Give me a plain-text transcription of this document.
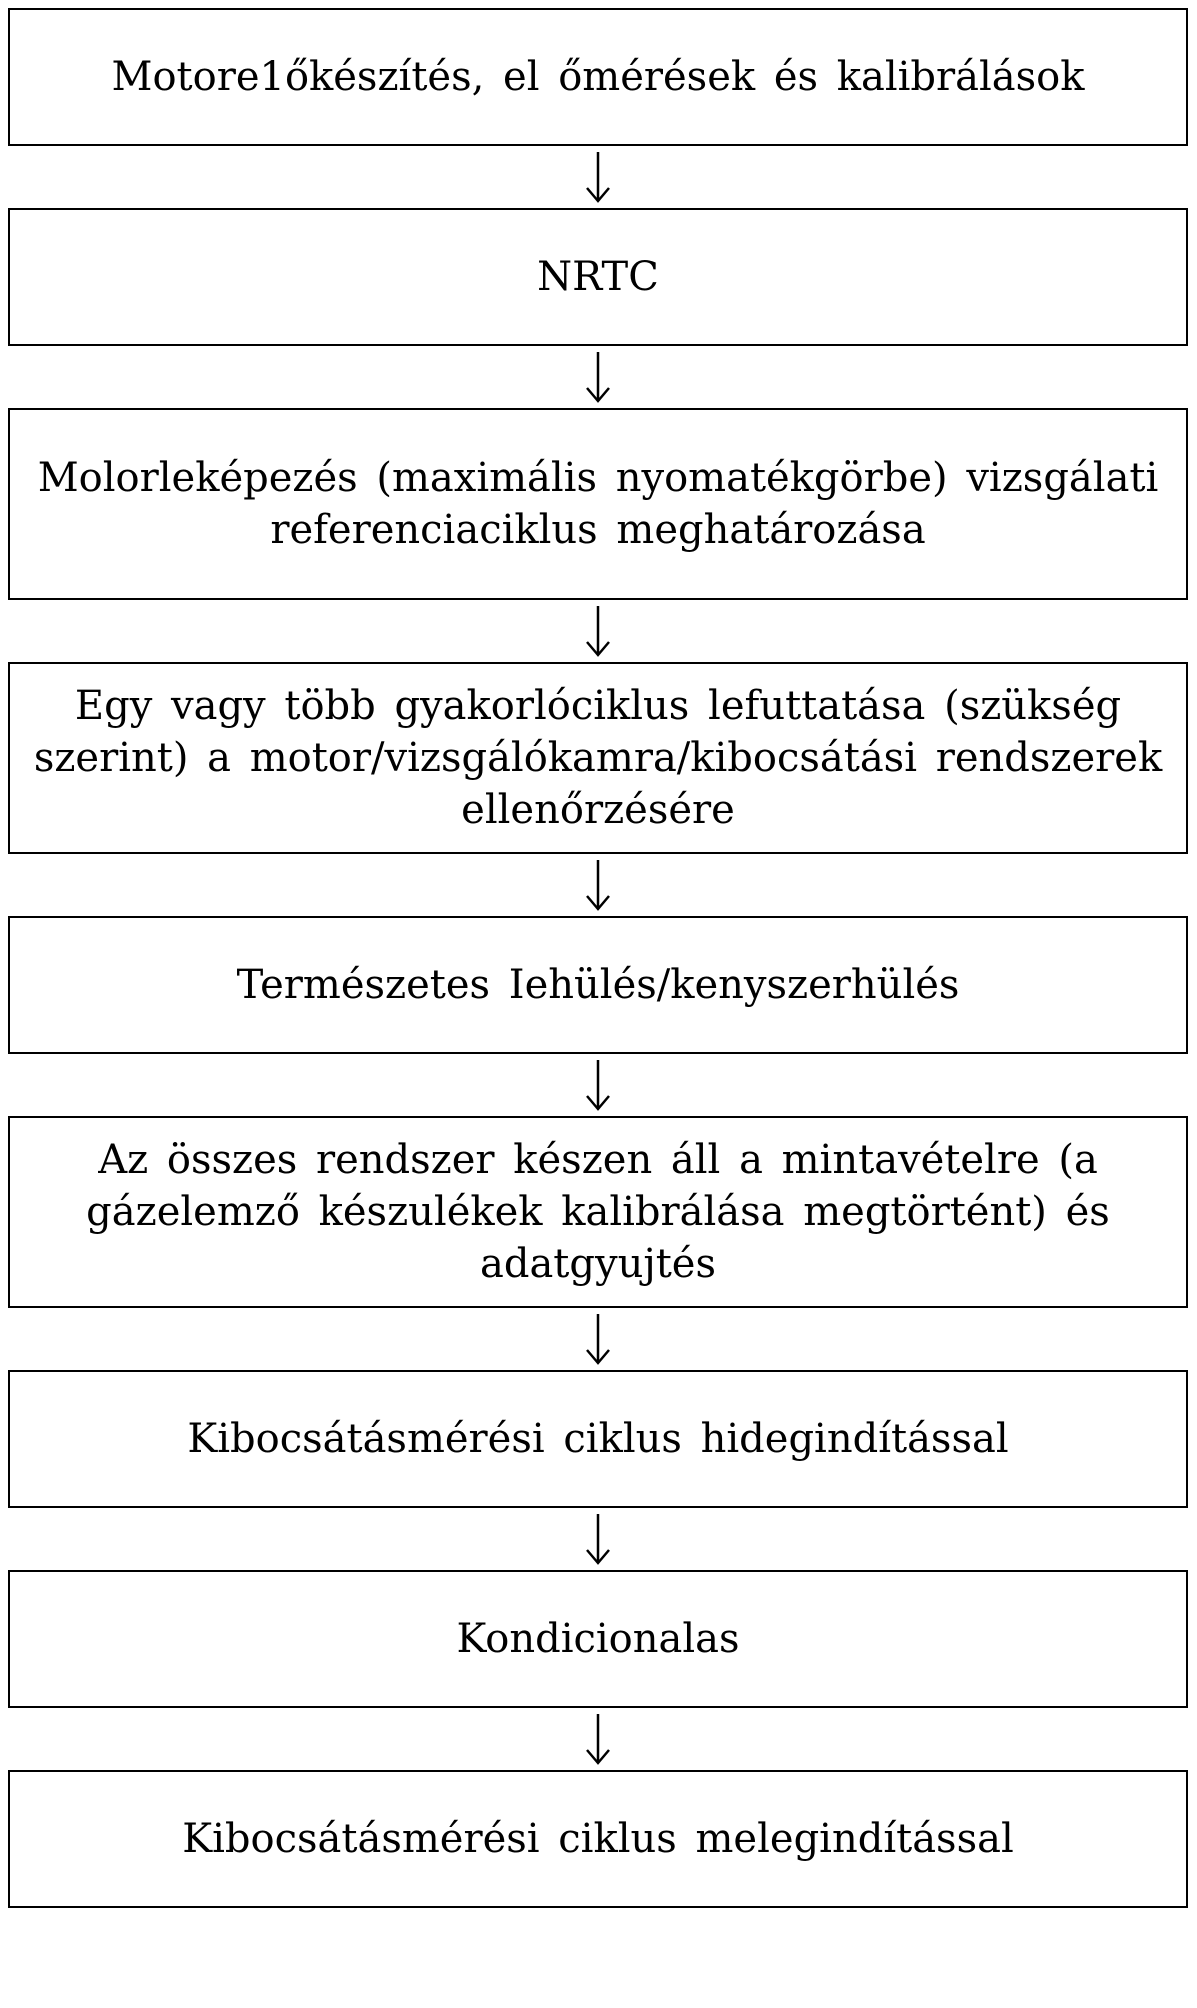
Motore1őkészítés, el őmérések és kalibrálások
NRTC
Molorleképezés (maximális nyomatékgörbe) vizsgálati referenciaciklus meghatározása
Egy vagy több gyakorlóciklus lefuttatása (szükség szerint) a motor/vizsgálókamra/kibocsátási rendszerek ellenőrzésére
Természetes Iehülés/kenyszerhülés
Az összes rendszer készen áll a mintavételre (a gázelemző készulékek kalibrálása megtörtént) és adatgyujtés
Kibocsátásmérési ciklus hidegindítással
Kondicionalas
Kibocsátásmérési ciklus melegindítással
